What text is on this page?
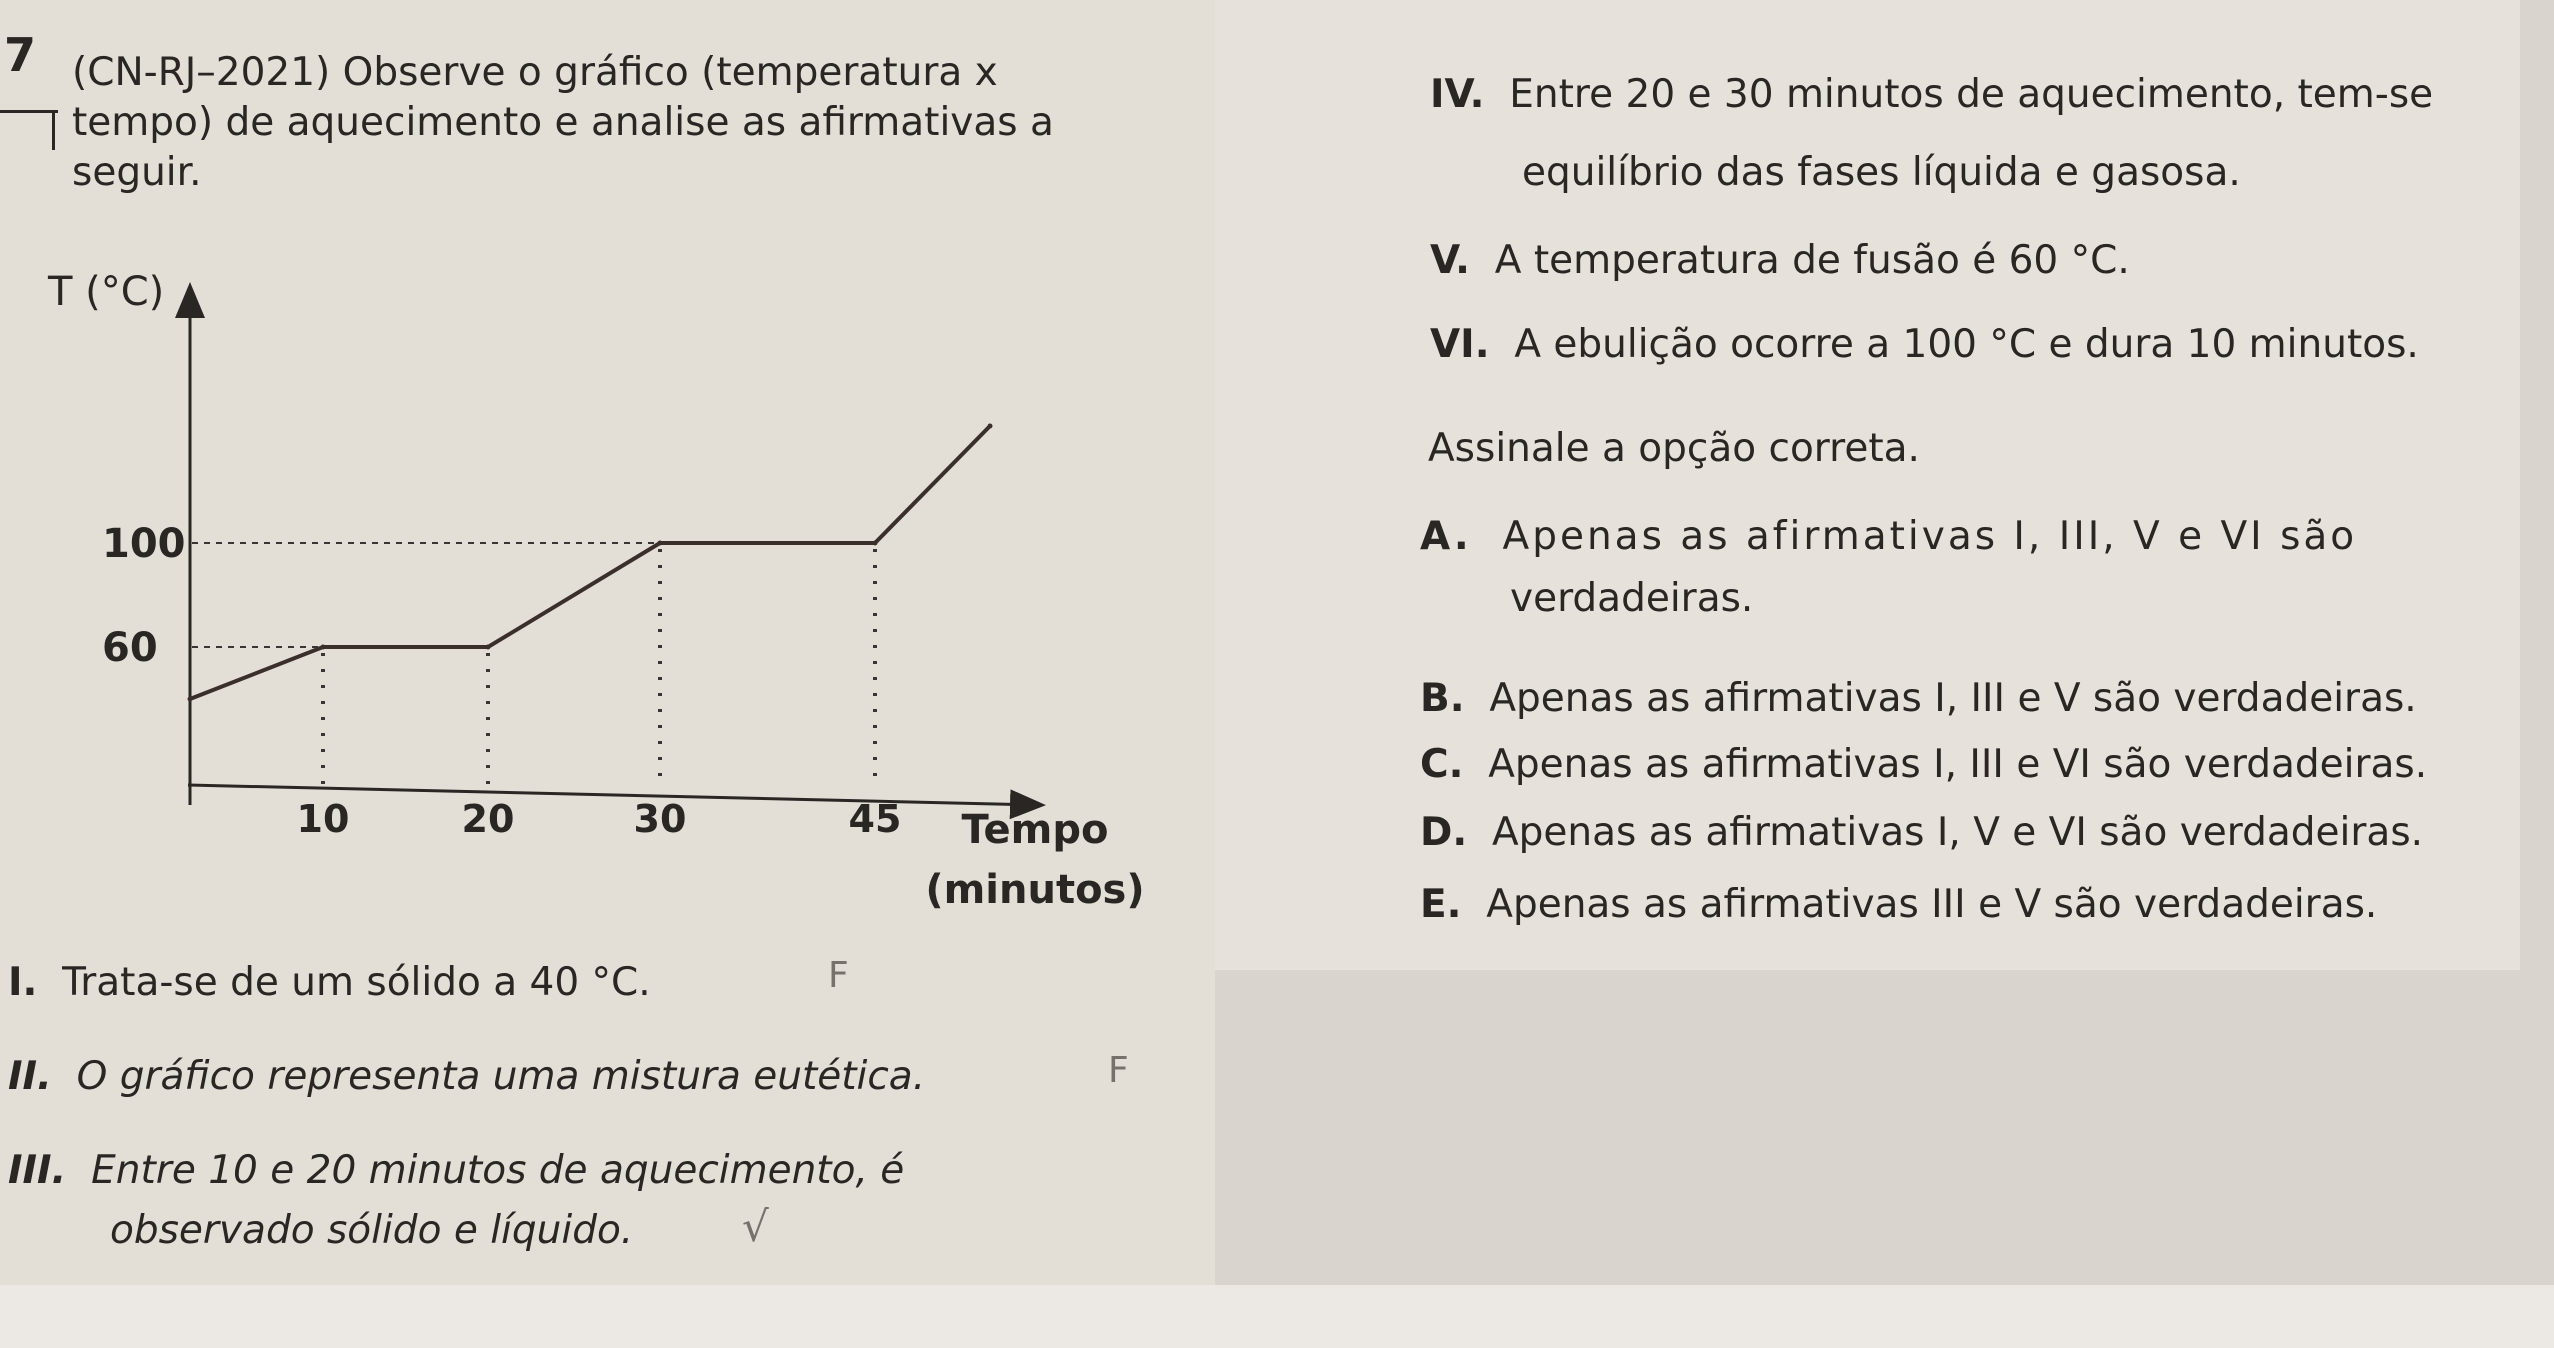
7 (CN-RJ–2021) Observe o gráfico (temperatura x
tempo) de aquecimento e analise as afirmativas a
seguir.
100
60
10	20	30	45
T (°C)
Tempo
(minutos)
I. Trata-se de um sólido a 40 °C.	F
II. O gráfico representa uma mistura eutética.	F
III. Entre 10 e 20 minutos de aquecimento, é
observado sólido e líquido.	√
IV. Entre 20 e 30 minutos de aquecimento, tem-se
equilíbrio das fases líquida e gasosa.
V. A temperatura de fusão é 60 °C.
VI. A ebulição ocorre a 100 °C e dura 10 minutos.
Assinale a opção correta.
A. Apenas as afirmativas I, III, V e VI são
verdadeiras.
B. Apenas as afirmativas I, III e V são verdadeiras.
C. Apenas as afirmativas I, III e VI são verdadeiras.
D. Apenas as afirmativas I, V e VI são verdadeiras.
E. Apenas as afirmativas III e V são verdadeiras.
